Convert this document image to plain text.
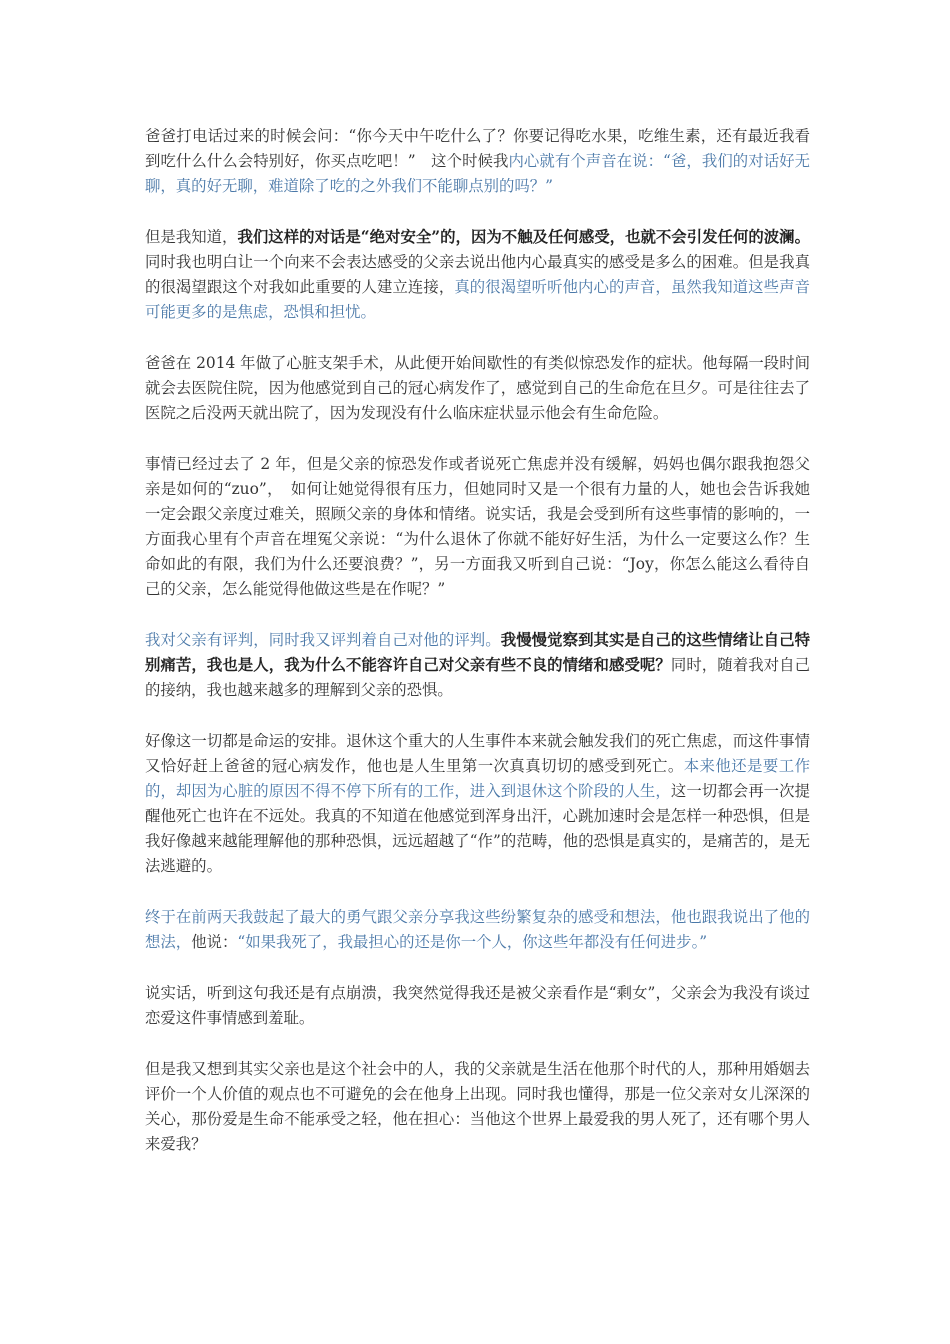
爸爸打电话过来的时候会问：“你今天中午吃什么了？你要记得吃水果，吃维生素，还有最近我看到吃什么什么会特别好，你买点吃吧！”　这个时候我内心就有个声音在说：“爸，我们的对话好无聊，真的好无聊，难道除了吃的之外我们不能聊点别的吗？”

但是我知道，我们这样的对话是“绝对安全”的，因为不触及任何感受，也就不会引发任何的波澜。同时我也明白让一个向来不会表达感受的父亲去说出他内心最真实的感受是多么的困难。但是我真的很渴望跟这个对我如此重要的人建立连接，真的很渴望听听他内心的声音，虽然我知道这些声音可能更多的是焦虑，恐惧和担忧。

爸爸在 2014 年做了心脏支架手术，从此便开始间歇性的有类似惊恐发作的症状。他每隔一段时间就会去医院住院，因为他感觉到自己的冠心病发作了，感觉到自己的生命危在旦夕。可是往往去了医院之后没两天就出院了，因为发现没有什么临床症状显示他会有生命危险。

事情已经过去了 2 年，但是父亲的惊恐发作或者说死亡焦虑并没有缓解，妈妈也偶尔跟我抱怨父亲是如何的“zuo”，　如何让她觉得很有压力，但她同时又是一个很有力量的人，她也会告诉我她一定会跟父亲度过难关，照顾父亲的身体和情绪。说实话，我是会受到所有这些事情的影响的，一方面我心里有个声音在埋冤父亲说：“为什么退休了你就不能好好生活，为什么一定要这么作？生命如此的有限，我们为什么还要浪费？”，另一方面我又听到自己说：“Joy，你怎么能这么看待自己的父亲，怎么能觉得他做这些是在作呢？”

我对父亲有评判，同时我又评判着自己对他的评判。我慢慢觉察到其实是自己的这些情绪让自己特别痛苦，我也是人，我为什么不能容许自己对父亲有些不良的情绪和感受呢？同时，随着我对自己的接纳，我也越来越多的理解到父亲的恐惧。

好像这一切都是命运的安排。退休这个重大的人生事件本来就会触发我们的死亡焦虑，而这件事情又恰好赶上爸爸的冠心病发作，他也是人生里第一次真真切切的感受到死亡。本来他还是要工作的，却因为心脏的原因不得不停下所有的工作，进入到退休这个阶段的人生，这一切都会再一次提醒他死亡也许在不远处。我真的不知道在他感觉到浑身出汗，心跳加速时会是怎样一种恐惧，但是我好像越来越能理解他的那种恐惧，远远超越了“作”的范畴，他的恐惧是真实的，是痛苦的，是无法逃避的。

终于在前两天我鼓起了最大的勇气跟父亲分享我这些纷繁复杂的感受和想法，他也跟我说出了他的想法，他说：“如果我死了，我最担心的还是你一个人，你这些年都没有任何进步。”

说实话，听到这句我还是有点崩溃，我突然觉得我还是被父亲看作是“剩女”，父亲会为我没有谈过恋爱这件事情感到羞耻。

但是我又想到其实父亲也是这个社会中的人，我的父亲就是生活在他那个时代的人，那种用婚姻去评价一个人价值的观点也不可避免的会在他身上出现。同时我也懂得，那是一位父亲对女儿深深的关心，那份爱是生命不能承受之轻，他在担心：当他这个世界上最爱我的男人死了，还有哪个男人来爱我？
